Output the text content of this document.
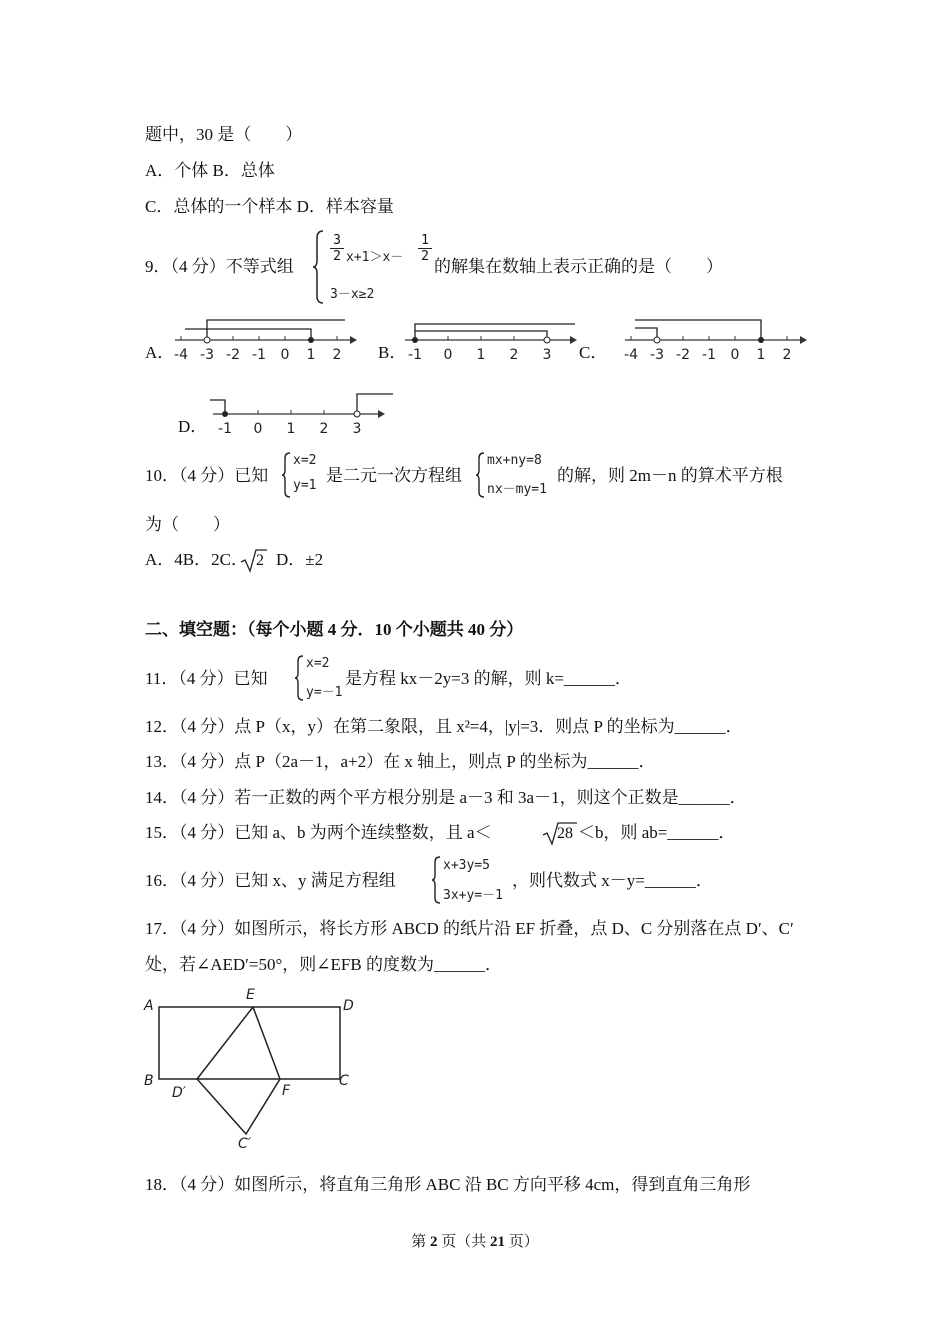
题中，30 是（　　）
A．个体 B．总体
C．总体的一个样本 D．样本容量
9．（4 分）不等式组
$\frac{3}{2} x+1>x- \frac{1}{2}$
3－x≥2
的解集在数轴上表示正确的是（　　）
A．	B．	C．
D．
-4 -3 -2 -1 0 1 2	-1 0 1 2 3	-4 -3 -2 -1 0 1 2
-1 0 1 2 3
10．（4 分）已知
x=2
y=1
是二元一次方程组
mx+ny=8
nx－my=1
的解，则 2m－n 的算术平方根
为（　　）
A．4B．2C． 2 D．±2
二、填空题：（每个小题 4 分．10 个小题共 40 分）
11．（4 分）已知
x=2
y=－1
是方程 kx－2y=3 的解，则 k=______．
12．（4 分）点 P（x，y）在第二象限，且 x²=4，|y|=3．则点 P 的坐标为______．
13．（4 分）点 P（2a－1，a+2）在 x 轴上，则点 P 的坐标为______．
14．（4 分）若一正数的两个平方根分别是 a－3 和 3a－1，则这个正数是______．
15．（4 分）已知 a、b 为两个连续整数，且 a＜	28 ＜b，则 ab=______．
16．（4 分）已知 x、y 满足方程组
x+3y=5
3x+y=－1
，则代数式 x－y=______．
17．（4 分）如图所示，将长方形 ABCD 的纸片沿 EF 折叠，点 D、C 分别落在点 D′、C′
处，若∠AED′=50°，则∠EFB 的度数为______．
A
E
D
B
D′	F
C
C′
18．（4 分）如图所示，将直角三角形 ABC 沿 BC 方向平移 4cm，得到直角三角形
第 2 页（共 21 页）
